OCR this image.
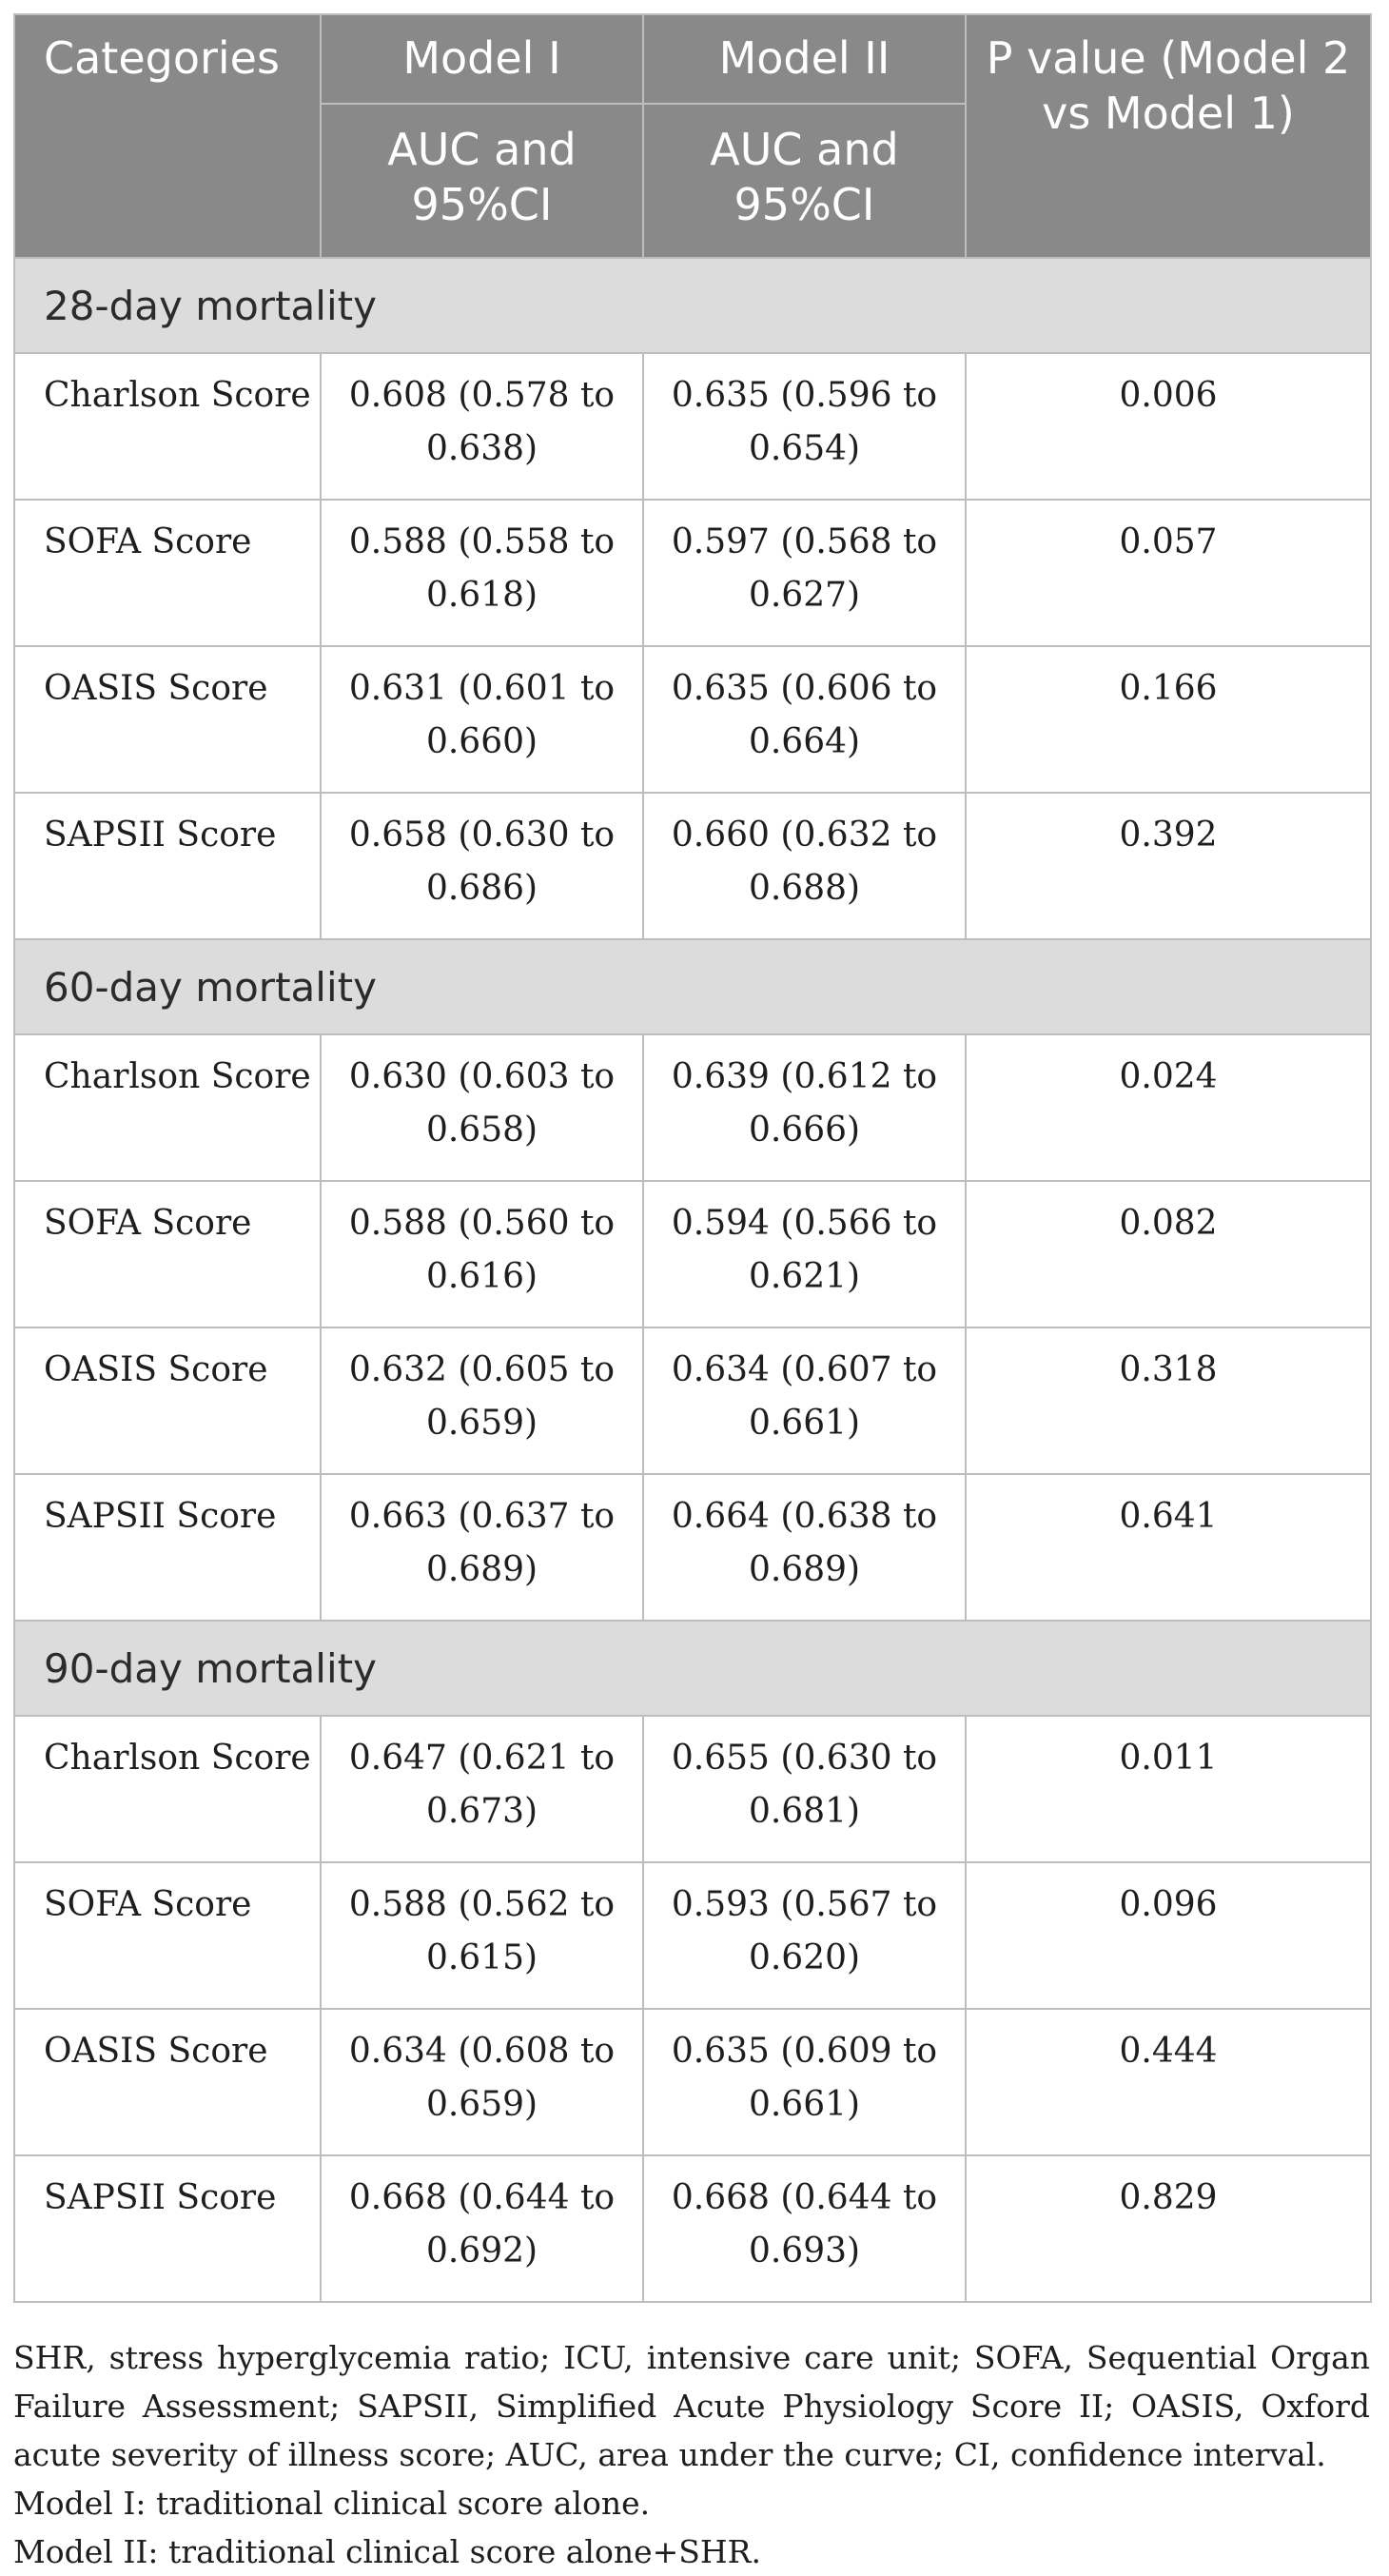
Categories	Model I	Model II	P value (Model 2 vs Model 1)
	AUC and 95%CI	AUC and 95%CI	
28-day mortality			
Charlson Score	0.608 (0.578 to 0.638)	0.635 (0.596 to 0.654)	0.006
SOFA Score	0.588 (0.558 to 0.618)	0.597 (0.568 to 0.627)	0.057
OASIS Score	0.631 (0.601 to 0.660)	0.635 (0.606 to 0.664)	0.166
SAPSII Score	0.658 (0.630 to 0.686)	0.660 (0.632 to 0.688)	0.392
60-day mortality			
Charlson Score	0.630 (0.603 to 0.658)	0.639 (0.612 to 0.666)	0.024
SOFA Score	0.588 (0.560 to 0.616)	0.594 (0.566 to 0.621)	0.082
OASIS Score	0.632 (0.605 to 0.659)	0.634 (0.607 to 0.661)	0.318
SAPSII Score	0.663 (0.637 to 0.689)	0.664 (0.638 to 0.689)	0.641
90-day mortality			
Charlson Score	0.647 (0.621 to 0.673)	0.655 (0.630 to 0.681)	0.011
SOFA Score	0.588 (0.562 to 0.615)	0.593 (0.567 to 0.620)	0.096
OASIS Score	0.634 (0.608 to 0.659)	0.635 (0.609 to 0.661)	0.444
SAPSII Score	0.668 (0.644 to 0.692)	0.668 (0.644 to 0.693)	0.829

SHR, stress hyperglycemia ratio; ICU, intensive care unit; SOFA, Sequential Organ Failure Assessment; SAPSII, Simplified Acute Physiology Score II; OASIS, Oxford acute severity of illness score; AUC, area under the curve; CI, confidence interval.

Model I: traditional clinical score alone.

Model II: traditional clinical score alone+SHR.
